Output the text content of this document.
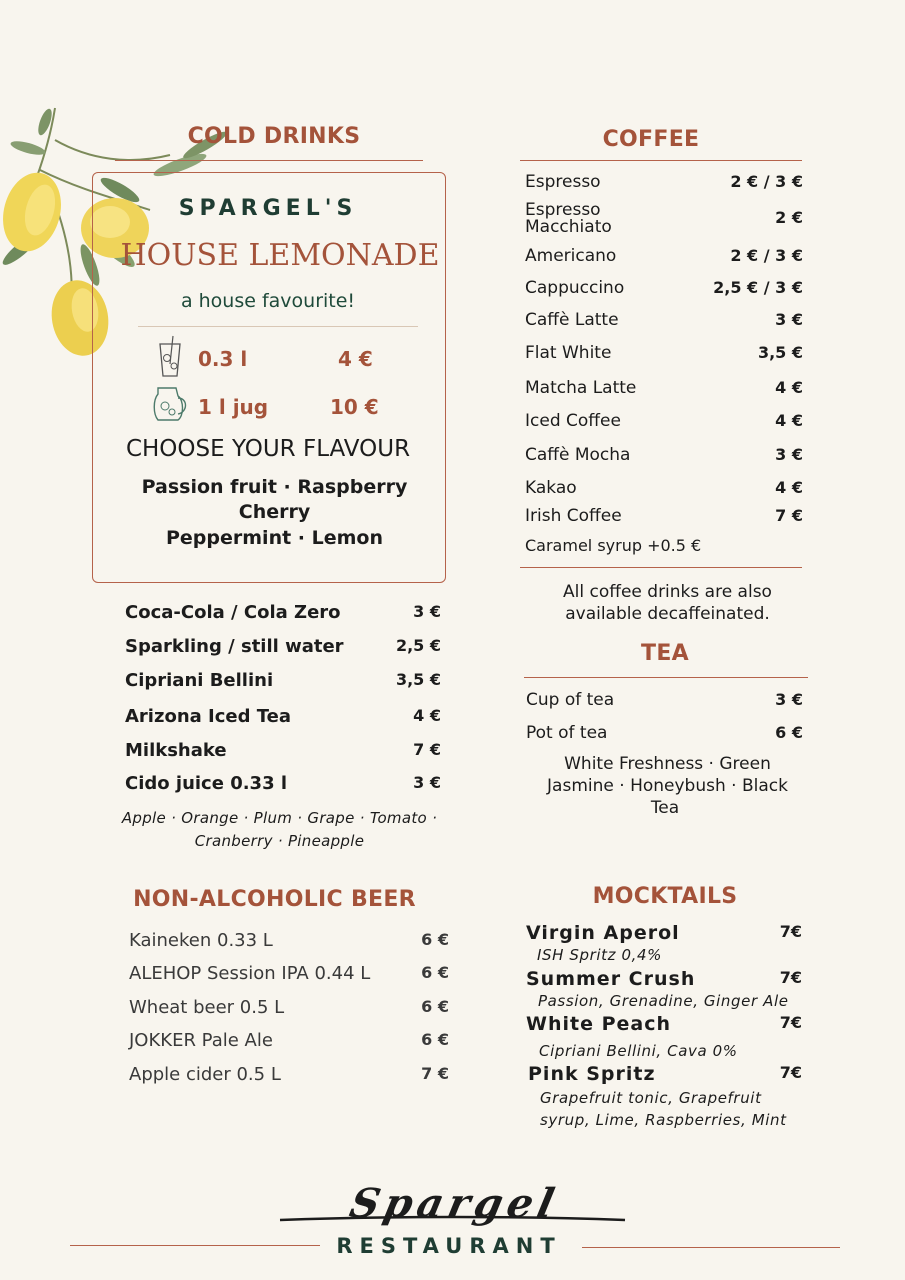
COLD DRINKS
SPARGEL'S
HOUSE LEMONADE
a house favourite!
0.3 l	4 €
1 l jug	10 €
CHOOSE YOUR FLAVOUR
Passion fruit · Raspberry
Cherry
Peppermint · Lemon
Coca-Cola / Cola Zero	3 €
Sparkling / still water	2,5 €
Cipriani Bellini	3,5 €
Arizona Iced Tea	4 €
Milkshake	7 €
Cido juice 0.33 l	3 €
Apple · Orange · Plum · Grape · Tomato ·
Cranberry · Pineapple
NON-ALCOHOLIC BEER
Kaineken 0.33 L	6 €
ALEHOP Session IPA 0.44 L	6 €
Wheat beer 0.5 L	6 €
JOKKER Pale Ale	6 €
Apple cider 0.5 L	7 €
COFFEE
Espresso	2 € / 3 €
Espresso
Macchiato	2 €
Americano	2 € / 3 €
Cappuccino	2,5 € / 3 €
Caffè Latte	3 €
Flat White	3,5 €
Matcha Latte	4 €
Iced Coffee	4 €
Caffè Mocha	3 €
Kakao	4 €
Irish Coffee	7 €
Caramel syrup +0.5 €
All coffee drinks are also
available decaffeinated.
TEA
Cup of tea	3 €
Pot of tea	6 €
White Freshness · Green
Jasmine · Honeybush · Black
Tea
MOCKTAILS
Virgin Aperol	7€
ISH Spritz 0,4%
Summer Crush	7€
Passion, Grenadine, Ginger Ale
White Peach	7€
Cipriani Bellini, Cava 0%
Pink Spritz	7€
Grapefruit tonic, Grapefruit
syrup, Lime, Raspberries, Mint
Spargel
RESTAURANT
